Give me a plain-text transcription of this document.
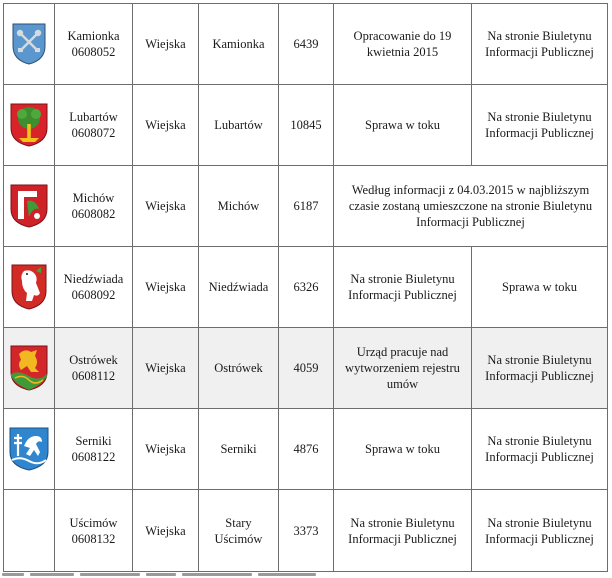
Kamionka
0608052	Wiejska	Kamionka	6439	Opracowanie do 19 kwietnia 2015	Na stronie Biuletynu Informacji Publicznej

Lubartów
0608072	Wiejska	Lubartów	10845	Sprawa w toku	Na stronie Biuletynu Informacji Publicznej

Michów
0608082	Wiejska	Michów	6187	Według informacji z 04.03.2015 w najbliższym czasie zostaną umieszczone na stronie Biuletynu Informacji Publicznej	

Niedźwiada
0608092	Wiejska	Niedźwiada	6326	Na stronie Biuletynu Informacji Publicznej	Sprawa w toku

Ostrówek
0608112	Wiejska	Ostrówek	4059	Urząd pracuje nad wytworzeniem rejestru umów	Na stronie Biuletynu Informacji Publicznej

Serniki
0608122	Wiejska	Serniki	4876	Sprawa w toku	Na stronie Biuletynu Informacji Publicznej

	Uścimów
0608132	Wiejska	Stary Uścimów	3373	Na stronie Biuletynu Informacji Publicznej	Na stronie Biuletynu Informacji Publicznej
